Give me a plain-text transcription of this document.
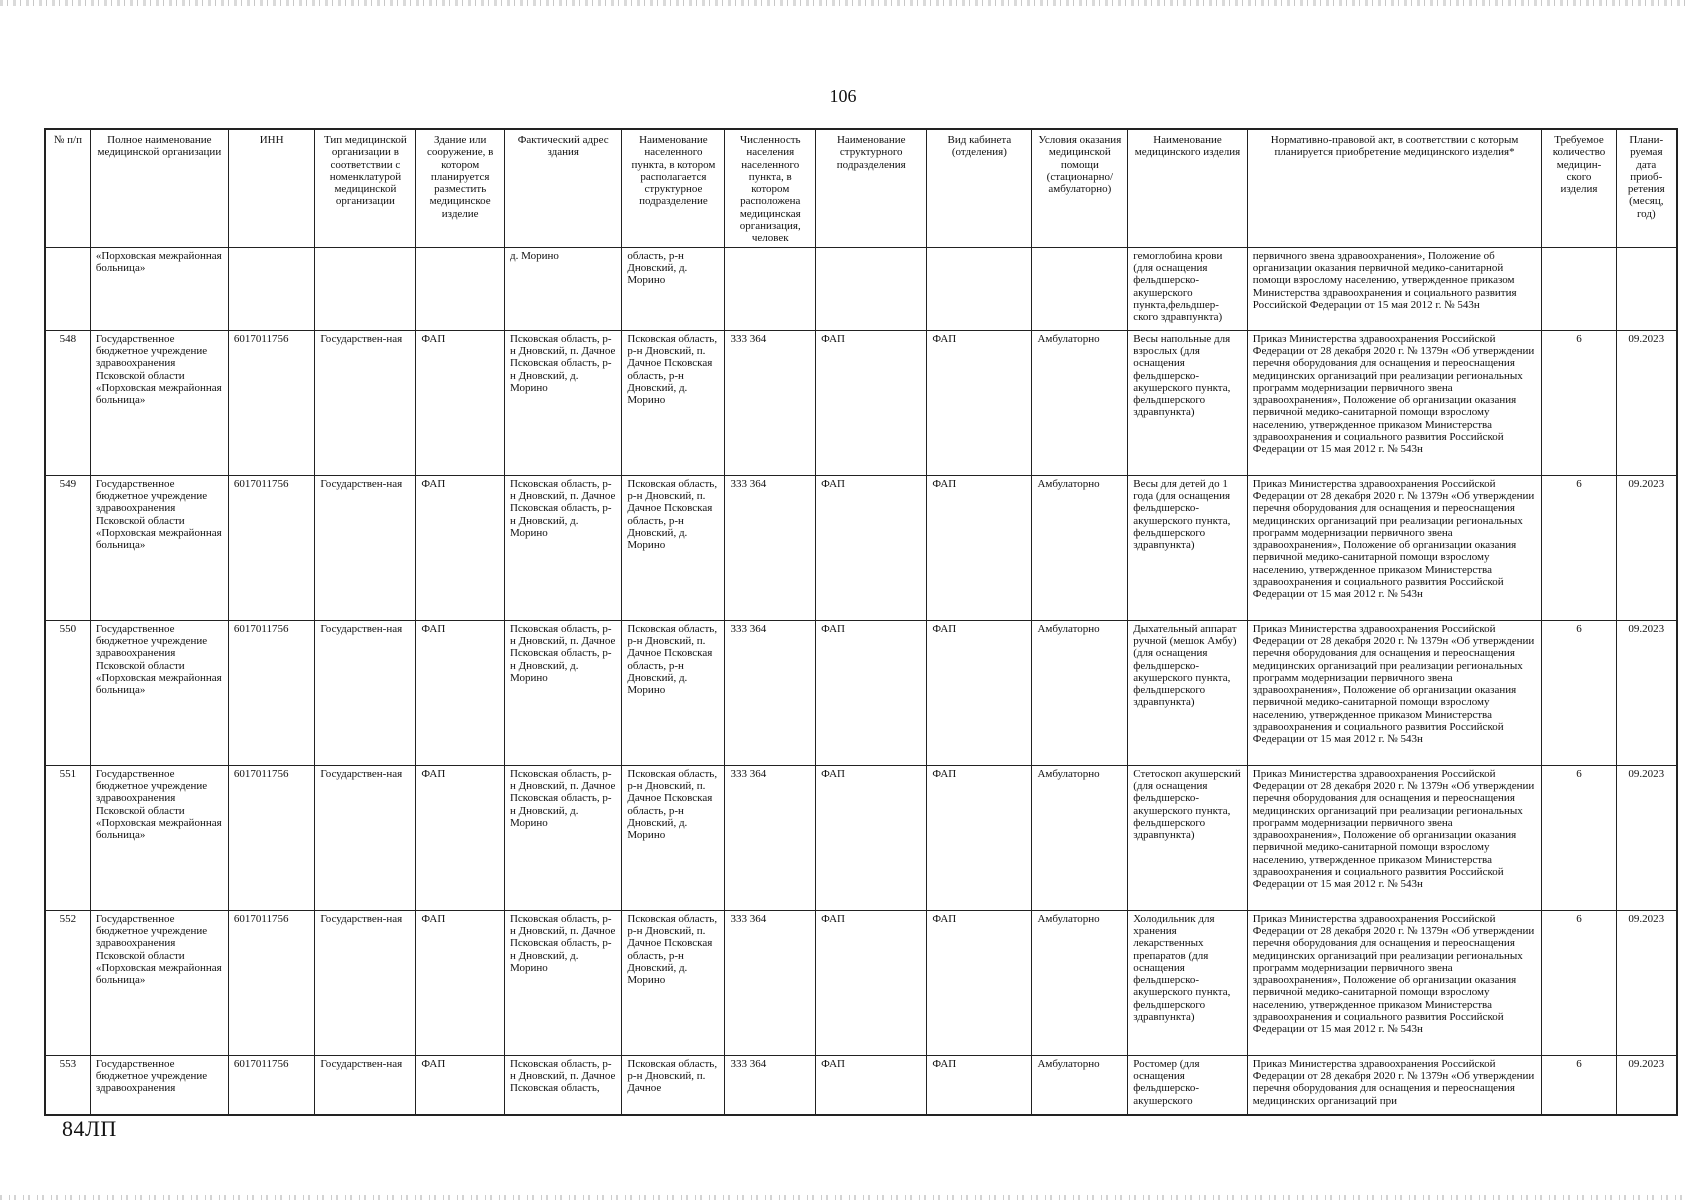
106
№ п/п	Полное наименование медицинской организации	ИНН	Тип медицинской организации в соответствии с номенклатурой медицинской организации	Здание или сооружение, в котором планируется разместить медицинское изделие	Фактический адрес здания	Наименование населенного пункта, в котором располагается структурное подразделение	Численность населения населенного пункта, в котором расположена медицинская организация, человек	Наименование структурного подразделения	Вид кабинета (отделения)	Условия оказания медицинской помощи (стационарно/ амбулаторно)	Наименование медицинского изделия	Нормативно-правовой акт, в соответствии с которым планируется приобретение медицинского изделия*	Требуемое количество медицин-ского изделия	Плани-руемая дата приоб-ретения (месяц, год)
	«Порховская межрайонная больница»				д. Морино	область, р-н Дновский, д. Морино					гемоглобина крови (для оснащения фельдшерско-акушерского пункта,фельдшер-ского здравпункта)	первичного звена здравоохранения», Положение об организации оказания первичной медико-санитарной помощи взрослому населению, утвержденное приказом Министерства здравоохранения и социального развития Российской Федерации от 15 мая 2012 г. № 543н		
548	Государственное бюджетное учреждение здравоохранения Псковской области «Порховская межрайонная больница»	6017011756	Государствен-ная	ФАП	Псковская область, р-н Дновский, п. Дачное Псковская область, р-н Дновский, д. Морино	Псковская область, р-н Дновский, п. Дачное Псковская область, р-н Дновский, д. Морино	333 364	ФАП	ФАП	Амбулаторно	Весы напольные для взрослых (для оснащения фельдшерско-акушерского пункта, фельдшерского здравпункта)	Приказ Министерства здравоохранения Российской Федерации от 28 декабря 2020 г. № 1379н «Об утверждении перечня оборудования для оснащения и переоснащения медицинских организаций при реализации региональных программ модернизации первичного звена здравоохранения», Положение об организации оказания первичной медико-санитарной помощи взрослому населению, утвержденное приказом Министерства здравоохранения и социального развития Российской Федерации от 15 мая 2012 г. № 543н	6	09.2023
549	Государственное бюджетное учреждение здравоохранения Псковской области «Порховская межрайонная больница»	6017011756	Государствен-ная	ФАП	Псковская область, р-н Дновский, п. Дачное Псковская область, р-н Дновский, д. Морино	Псковская область, р-н Дновский, п. Дачное Псковская область, р-н Дновский, д. Морино	333 364	ФАП	ФАП	Амбулаторно	Весы для детей до 1 года (для оснащения фельдшерско-акушерского пункта, фельдшерского здравпункта)	Приказ Министерства здравоохранения Российской Федерации от 28 декабря 2020 г. № 1379н «Об утверждении перечня оборудования для оснащения и переоснащения медицинских организаций при реализации региональных программ модернизации первичного звена здравоохранения», Положение об организации оказания первичной медико-санитарной помощи взрослому населению, утвержденное приказом Министерства здравоохранения и социального развития Российской Федерации от 15 мая 2012 г. № 543н	6	09.2023
550	Государственное бюджетное учреждение здравоохранения Псковской области «Порховская межрайонная больница»	6017011756	Государствен-ная	ФАП	Псковская область, р-н Дновский, п. Дачное Псковская область, р-н Дновский, д. Морино	Псковская область, р-н Дновский, п. Дачное Псковская область, р-н Дновский, д. Морино	333 364	ФАП	ФАП	Амбулаторно	Дыхательный аппарат ручной (мешок Амбу) (для оснащения фельдшерско-акушерского пункта, фельдшерского здравпункта)	Приказ Министерства здравоохранения Российской Федерации от 28 декабря 2020 г. № 1379н «Об утверждении перечня оборудования для оснащения и переоснащения медицинских организаций при реализации региональных программ модернизации первичного звена здравоохранения», Положение об организации оказания первичной медико-санитарной помощи взрослому населению, утвержденное приказом Министерства здравоохранения и социального развития Российской Федерации от 15 мая 2012 г. № 543н	6	09.2023
551	Государственное бюджетное учреждение здравоохранения Псковской области «Порховская межрайонная больница»	6017011756	Государствен-ная	ФАП	Псковская область, р-н Дновский, п. Дачное Псковская область, р-н Дновский, д. Морино	Псковская область, р-н Дновский, п. Дачное Псковская область, р-н Дновский, д. Морино	333 364	ФАП	ФАП	Амбулаторно	Стетоскоп акушерский (для оснащения фельдшерско-акушерского пункта, фельдшерского здравпункта)	Приказ Министерства здравоохранения Российской Федерации от 28 декабря 2020 г. № 1379н «Об утверждении перечня оборудования для оснащения и переоснащения медицинских организаций при реализации региональных программ модернизации первичного звена здравоохранения», Положение об организации оказания первичной медико-санитарной помощи взрослому населению, утвержденное приказом Министерства здравоохранения и социального развития Российской Федерации от 15 мая 2012 г. № 543н	6	09.2023
552	Государственное бюджетное учреждение здравоохранения Псковской области «Порховская межрайонная больница»	6017011756	Государствен-ная	ФАП	Псковская область, р-н Дновский, п. Дачное Псковская область, р-н Дновский, д. Морино	Псковская область, р-н Дновский, п. Дачное Псковская область, р-н Дновский, д. Морино	333 364	ФАП	ФАП	Амбулаторно	Холодильник для хранения лекарственных препаратов (для оснащения фельдшерско-акушерского пункта, фельдшерского здравпункта)	Приказ Министерства здравоохранения Российской Федерации от 28 декабря 2020 г. № 1379н «Об утверждении перечня оборудования для оснащения и переоснащения медицинских организаций при реализации региональных программ модернизации первичного звена здравоохранения», Положение об организации оказания первичной медико-санитарной помощи взрослому населению, утвержденное приказом Министерства здравоохранения и социального развития Российской Федерации от 15 мая 2012 г. № 543н	6	09.2023
553	Государственное бюджетное учреждение здравоохранения	6017011756	Государствен-ная	ФАП	Псковская область, р-н Дновский, п. Дачное Псковская область,	Псковская область, р-н Дновский, п. Дачное	333 364	ФАП	ФАП	Амбулаторно	Ростомер (для оснащения фельдшерско-акушерского	Приказ Министерства здравоохранения Российской Федерации от 28 декабря 2020 г. № 1379н «Об утверждении перечня оборудования для оснащения и переоснащения медицинских организаций при	6	09.2023
84ЛП
